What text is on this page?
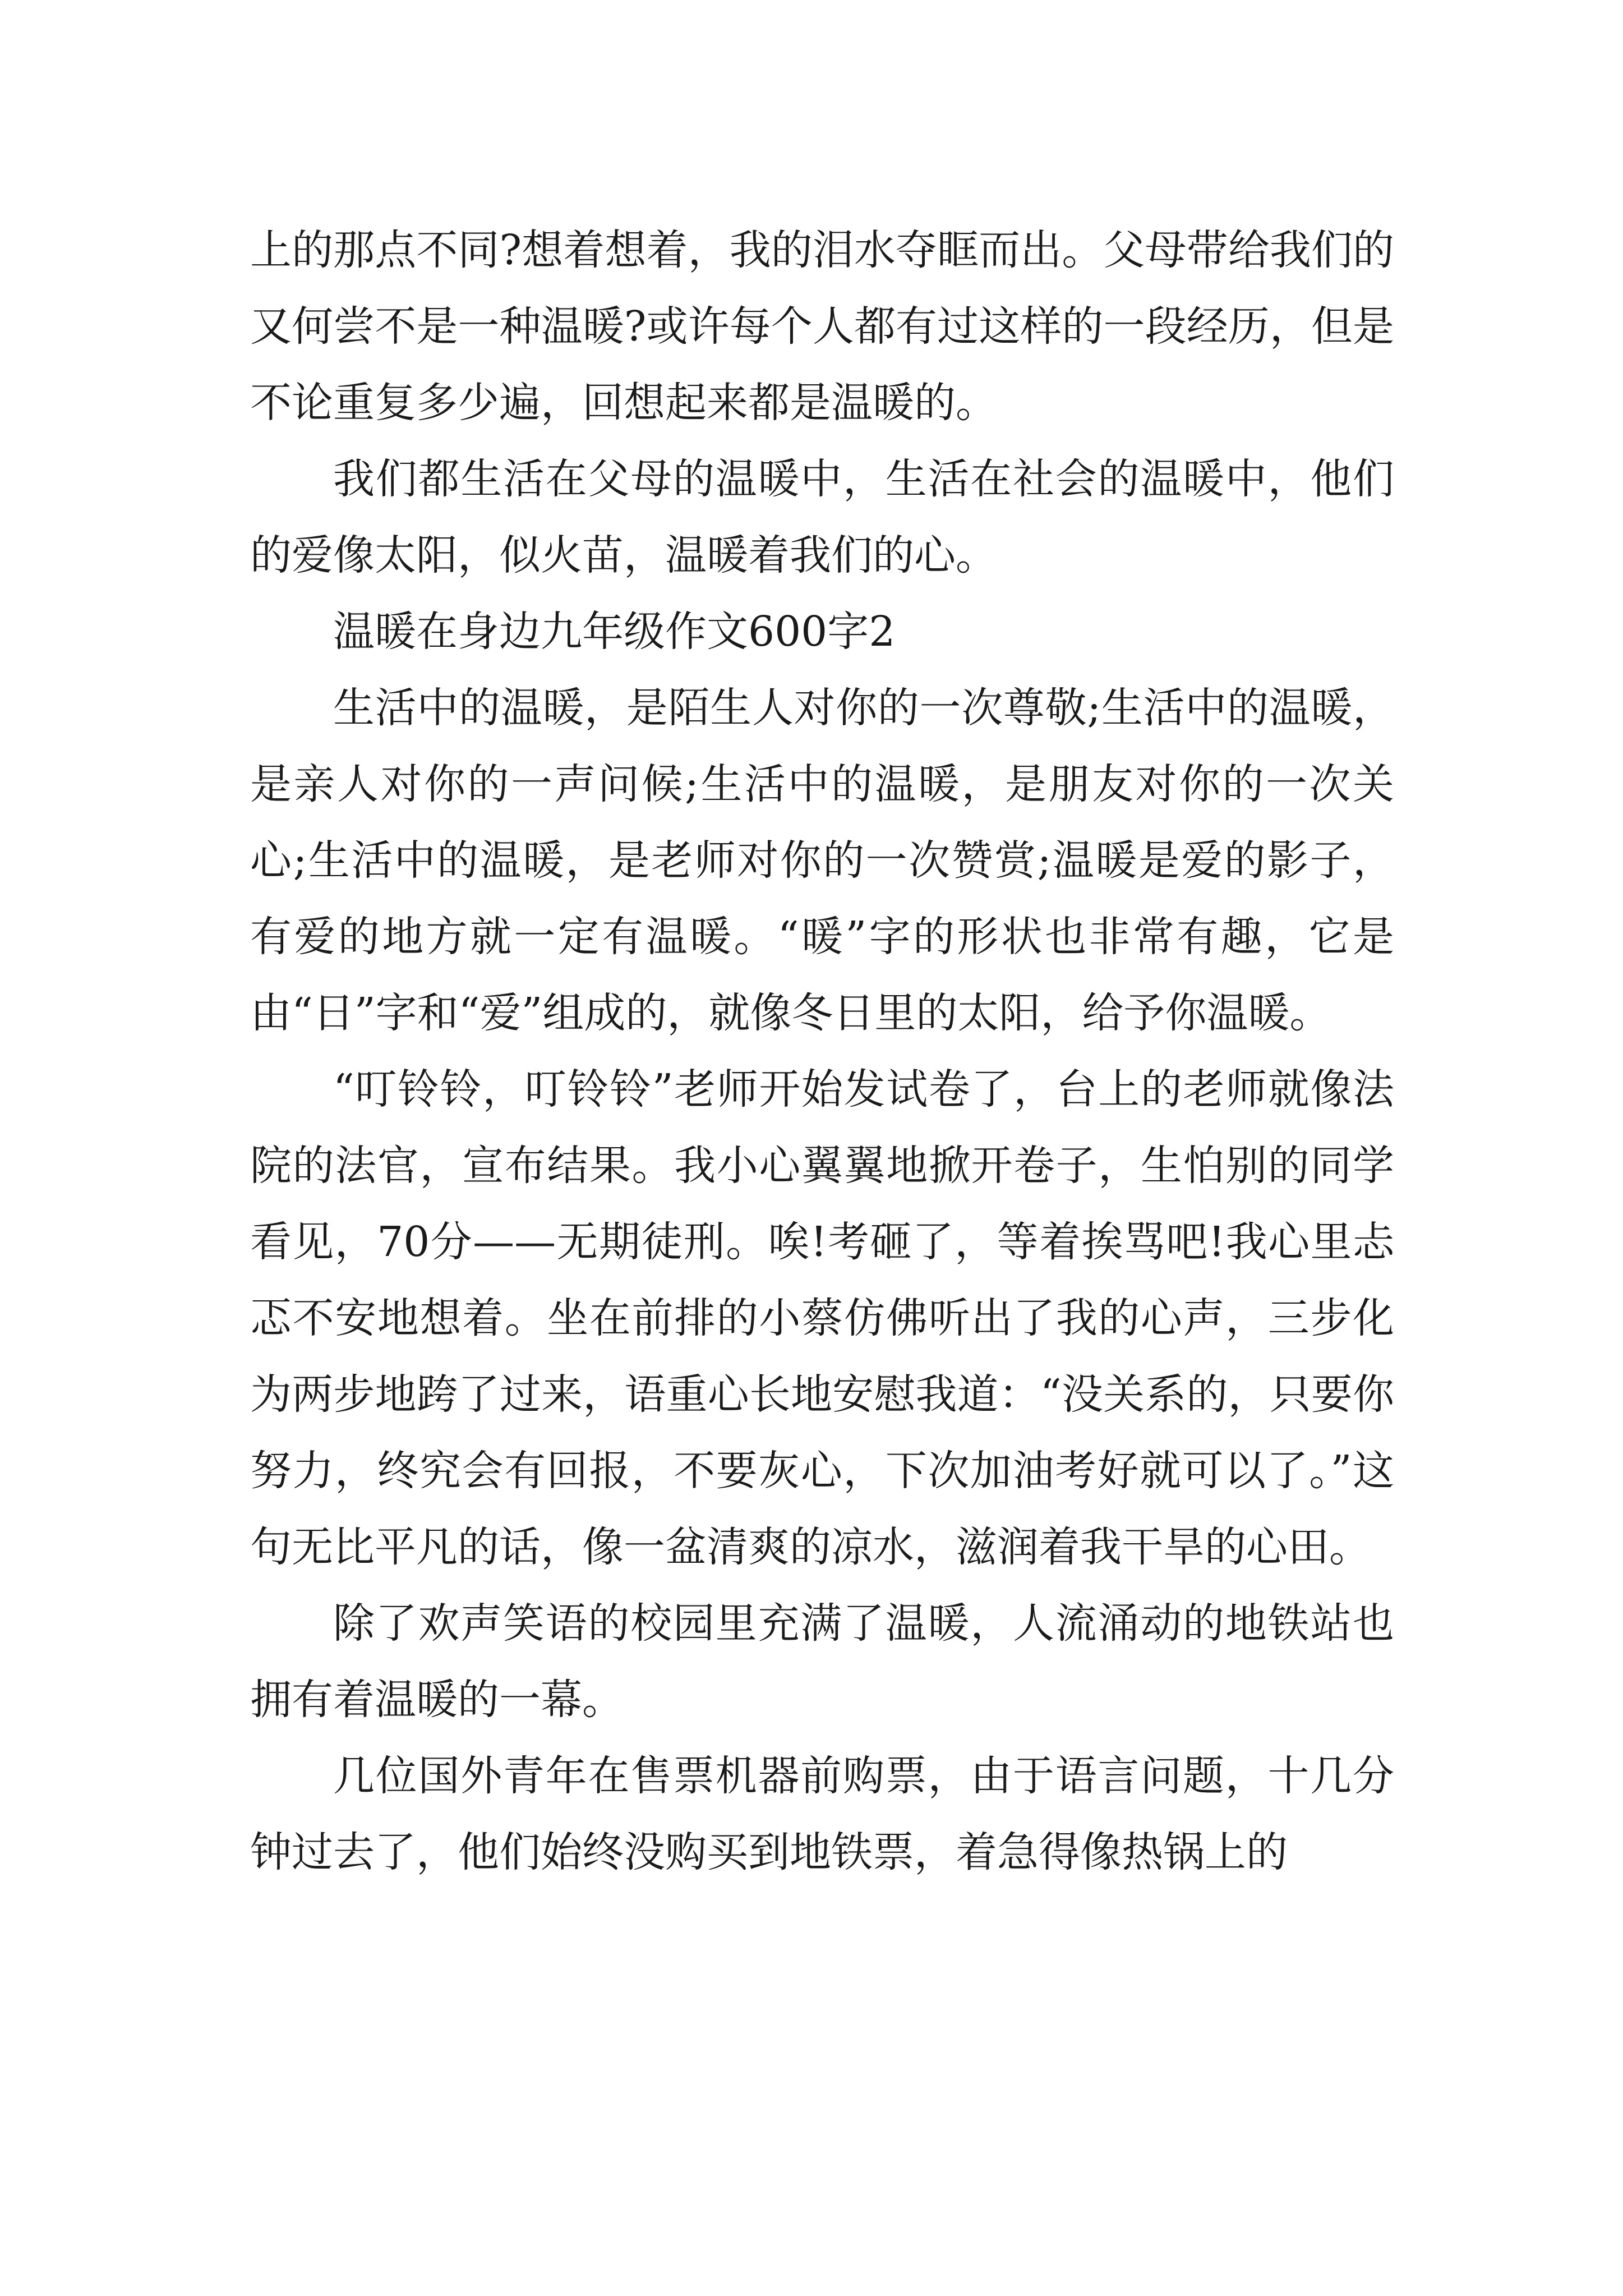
上的那点不同?想着想着，我的泪水夺眶而出。父母带给我们的又何尝不是一种温暖?或许每个人都有过这样的一段经历，但是不论重复多少遍，回想起来都是温暖的。

我们都生活在父母的温暖中，生活在社会的温暖中，他们的爱像太阳，似火苗，温暖着我们的心。

温暖在身边九年级作文600字2

生活中的温暖，是陌生人对你的一次尊敬;生活中的温暖，是亲人对你的一声问候;生活中的温暖，是朋友对你的一次关心;生活中的温暖，是老师对你的一次赞赏;温暖是爱的影子，有爱的地方就一定有温暖。“暖”字的形状也非常有趣，它是由“日”字和“爱”组成的，就像冬日里的太阳，给予你温暖。

“叮铃铃，叮铃铃”老师开始发试卷了，台上的老师就像法院的法官，宣布结果。我小心翼翼地掀开卷子，生怕别的同学看见，70分——无期徒刑。唉!考砸了，等着挨骂吧!我心里忐忑不安地想着。坐在前排的小蔡仿佛听出了我的心声，三步化为两步地跨了过来，语重心长地安慰我道：“没关系的，只要你努力，终究会有回报，不要灰心，下次加油考好就可以了。”这句无比平凡的话，像一盆清爽的凉水，滋润着我干旱的心田。

除了欢声笑语的校园里充满了温暖，人流涌动的地铁站也拥有着温暖的一幕。

几位国外青年在售票机器前购票，由于语言问题，十几分钟过去了，他们始终没购买到地铁票，着急得像热锅上的
